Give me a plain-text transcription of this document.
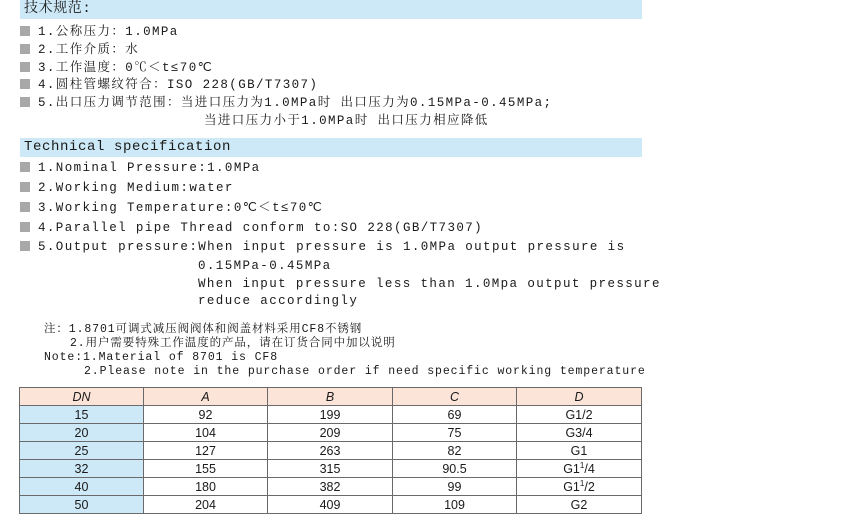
技术规范:
1.公称压力：1.0MPa
2.工作介质：水
3.工作温度：0℃＜t≤70℃
4.圆柱管螺纹符合：ISO 228(GB/T7307)
5.出口压力调节范围：当进口压力为1.0MPa时 出口压力为0.15MPa-0.45MPa;
当进口压力小于1.0MPa时 出口压力相应降低
Technical specification
1.Nominal Pressure:1.0MPa
2.Working Medium:water
3.Working Temperature:0℃＜t≤70℃
4.Parallel pipe Thread conform to:SO 228(GB/T7307)
5.Output pressure:When input pressure is 1.0MPa output pressure is
0.15MPa-0.45MPa
When input pressure less than 1.0Mpa output pressure
reduce accordingly
注：1.8701可调式减压阀阀体和阀盖材料采用CF8不锈钢
2.用户需要特殊工作温度的产品，请在订货合同中加以说明
Note:1.Material of 8701 is CF8
2.Please note in the purchase order if need specific working temperature
DN	A	B	C	D
15	92	199	69	G1/2
20	104	209	75	G3/4
25	127	263	82	G1
32	155	315	90.5	$G1^1/4$
40	180	382	99	$G1^1/2$
50	204	409	109	G2
